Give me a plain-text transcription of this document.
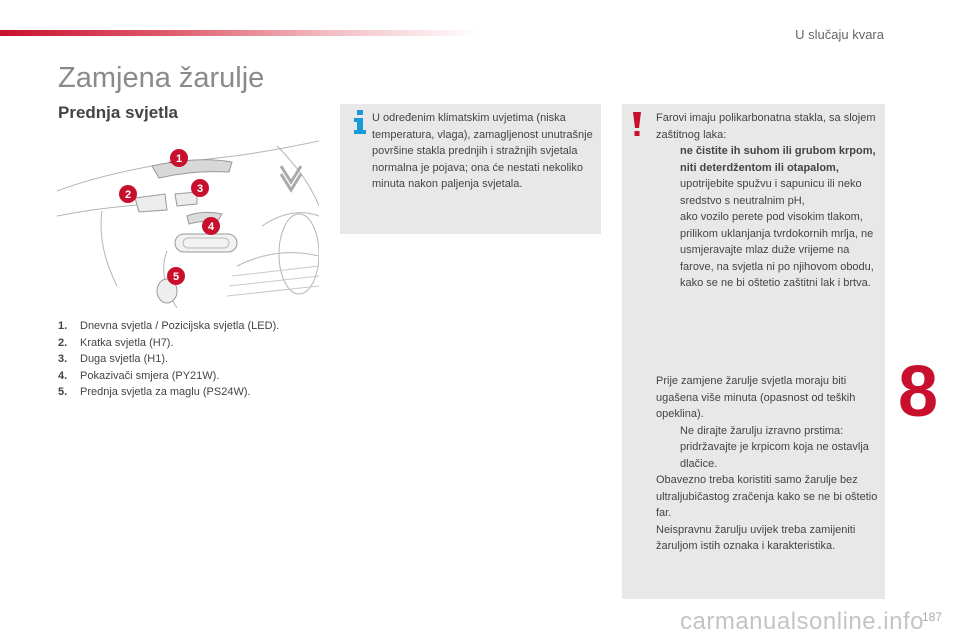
U slučaju kvara
Zamjena žarulje
Prednja svjetla
1
2	3
4
5
1.	Dnevna svjetla / Pozicijska svjetla (LED).
2.	Kratka svjetla (H7).
3.	Duga svjetla (H1).
4.	Pokazivači smjera (PY21W).
5.	Prednja svjetla za maglu (PS24W).
U određenim klimatskim uvjetima (niska temperatura, vlaga), zamagljenost unutrašnje površine stakla prednjih i stražnjih svjetala normalna je pojava; ona će nestati nekoliko minuta nakon paljenja svjetala.
Farovi imaju polikarbonatna stakla, sa slojem zaštitnog laka:
ne čistite ih suhom ili grubom krpom, niti deterdžentom ili otapalom,
upotrijebite spužvu i sapunicu ili neko sredstvo s neutralnim pH,
ako vozilo perete pod visokim tlakom, prilikom uklanjanja tvrdokornih mrlja, ne usmjeravajte mlaz duže vrijeme na farove, na svjetla ni po njihovom obodu, kako se ne bi oštetio zaštitni lak i brtva.
Prije zamjene žarulje svjetla moraju biti ugašena više minuta (opasnost od teških opeklina).
Ne dirajte žarulju izravno prstima: pridržavajte je krpicom koja ne ostavlja dlačice.
Obavezno treba koristiti samo žarulje bez ultraljubičastog zračenja kako se ne bi oštetio far.
Neispravnu žarulju uvijek treba zamijeniti žaruljom istih oznaka i karakteristika.
8
carmanualsonline.info
187
